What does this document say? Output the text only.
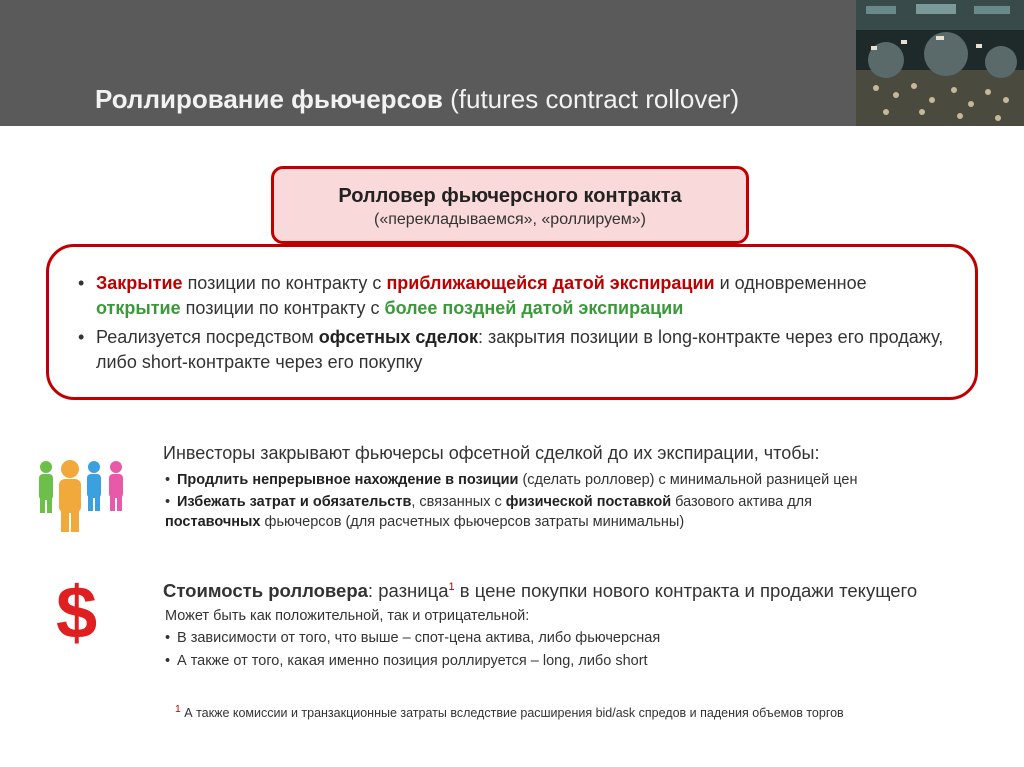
Роллирование фьючерсов (futures contract rollover)
Ролловер фьючерсного контракта
(«перекладываемся», «роллируем»)
• Закрытие позиции по контракту с приближающейся датой экспирации и одновременное открытие позиции по контракту с более поздней датой экспирации
• Реализуется посредством офсетных сделок: закрытия позиции в long-контракте через его продажу, либо short-контракте через его покупку
Инвесторы закрывают фьючерсы офсетной сделкой до их экспирации, чтобы:
• Продлить непрерывное нахождение в позиции (сделать ролловер) с минимальной разницей цен
• Избежать затрат и обязательств, связанных с физической поставкой базового актива для поставочных фьючерсов (для расчетных фьючерсов затраты минимальны)
$	Стоимость ролловера: разница$^1$ в цене покупки нового контракта и продажи текущего
Может быть как положительной, так и отрицательной:
• В зависимости от того, что выше – спот-цена актива, либо фьючерсная
• А также от того, какая именно позиция роллируется – long, либо short
$^1$ А также комиссии и транзакционные затраты вследствие расширения bid/ask спредов и падения объемов торгов
